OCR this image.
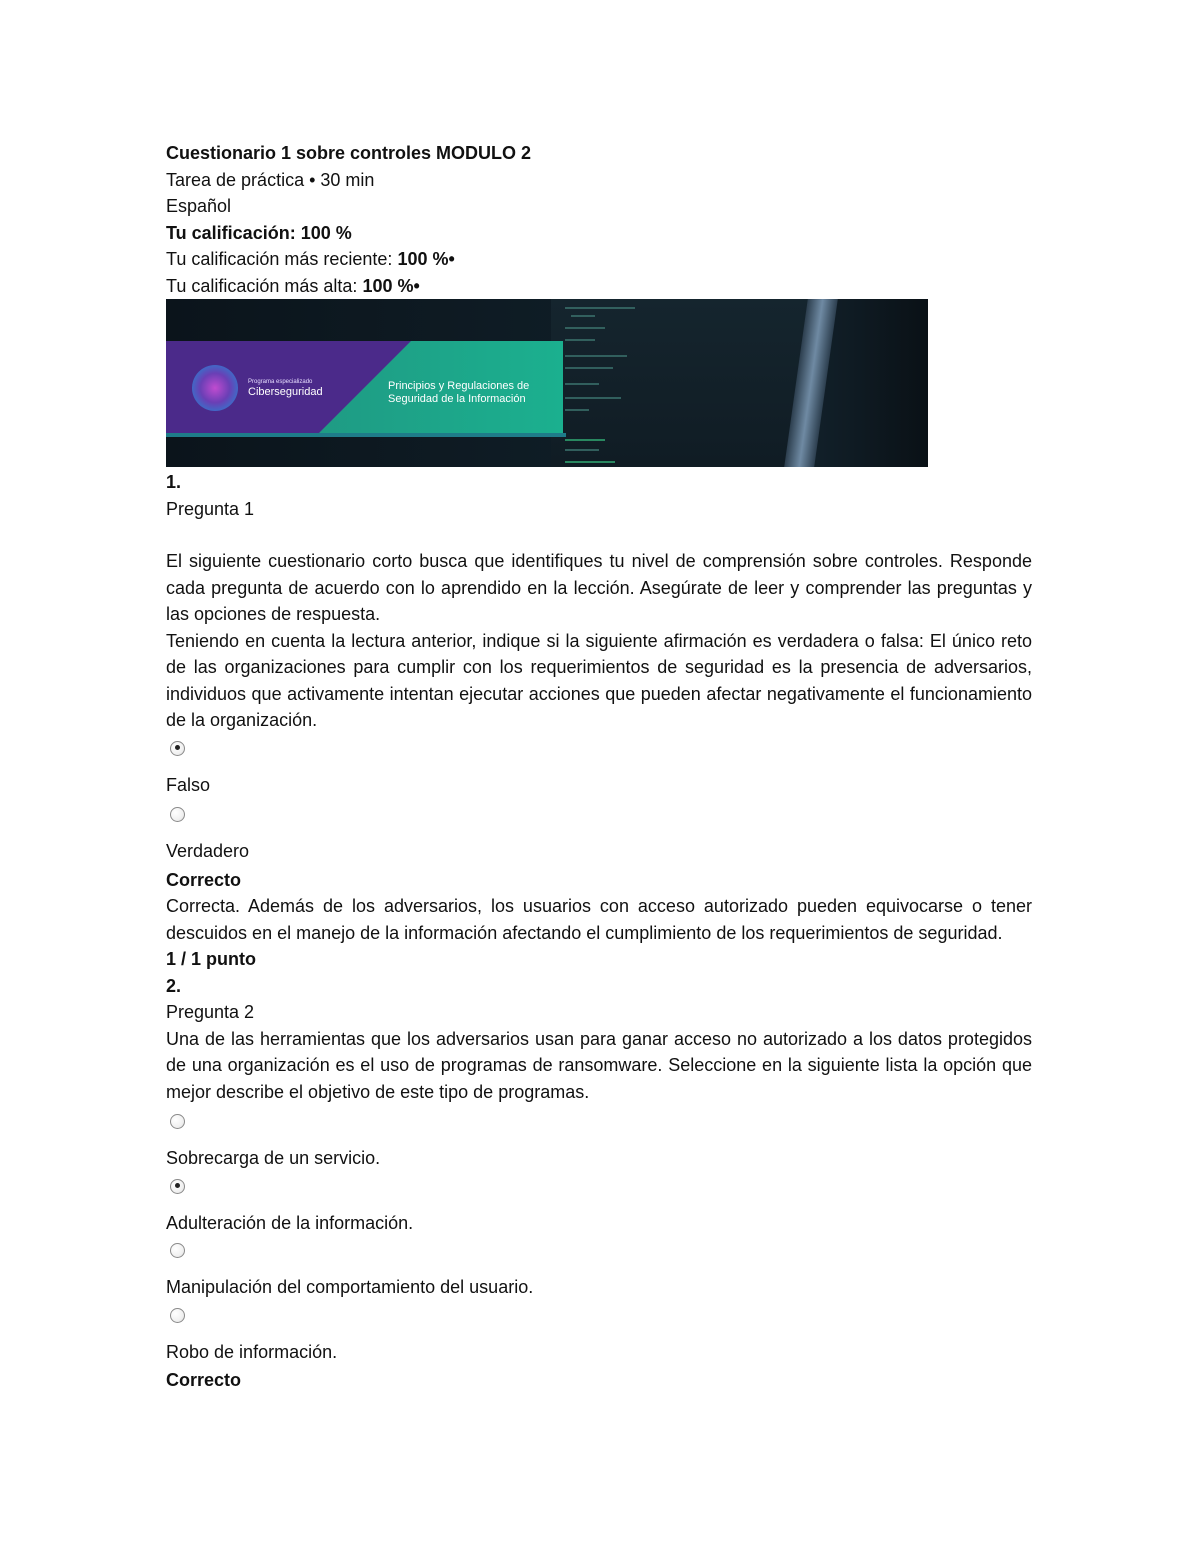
Cuestionario 1 sobre controles MODULO 2
Tarea de práctica • 30 min
Español
Tu calificación: 100 %
Tu calificación más reciente: 100 %•
Tu calificación más alta: 100 %•
Programa especializado
Ciberseguridad	Principios y Regulaciones de
Seguridad de la Información
1.
Pregunta 1
El siguiente cuestionario corto busca que identifiques tu nivel de comprensión sobre controles. Responde cada pregunta de acuerdo con lo aprendido en la lección. Asegúrate de leer y comprender las preguntas y las opciones de respuesta.
Teniendo en cuenta la lectura anterior, indique si la siguiente afirmación es verdadera o falsa: El único reto de las organizaciones para cumplir con los requerimientos de seguridad es la presencia de adversarios, individuos que activamente intentan ejecutar acciones que pueden afectar negativamente el funcionamiento de la organización.
Falso
Verdadero
Correcto
Correcta. Además de los adversarios, los usuarios con acceso autorizado pueden equivocarse o tener descuidos en el manejo de la información afectando el cumplimiento de los requerimientos de seguridad.
1 / 1 punto
2.
Pregunta 2
Una de las herramientas que los adversarios usan para ganar acceso no autorizado a los datos protegidos de una organización es el uso de programas de ransomware. Seleccione en la siguiente lista la opción que mejor describe el objetivo de este tipo de programas.
Sobrecarga de un servicio.
Adulteración de la información.
Manipulación del comportamiento del usuario.
Robo de información.
Correcto
